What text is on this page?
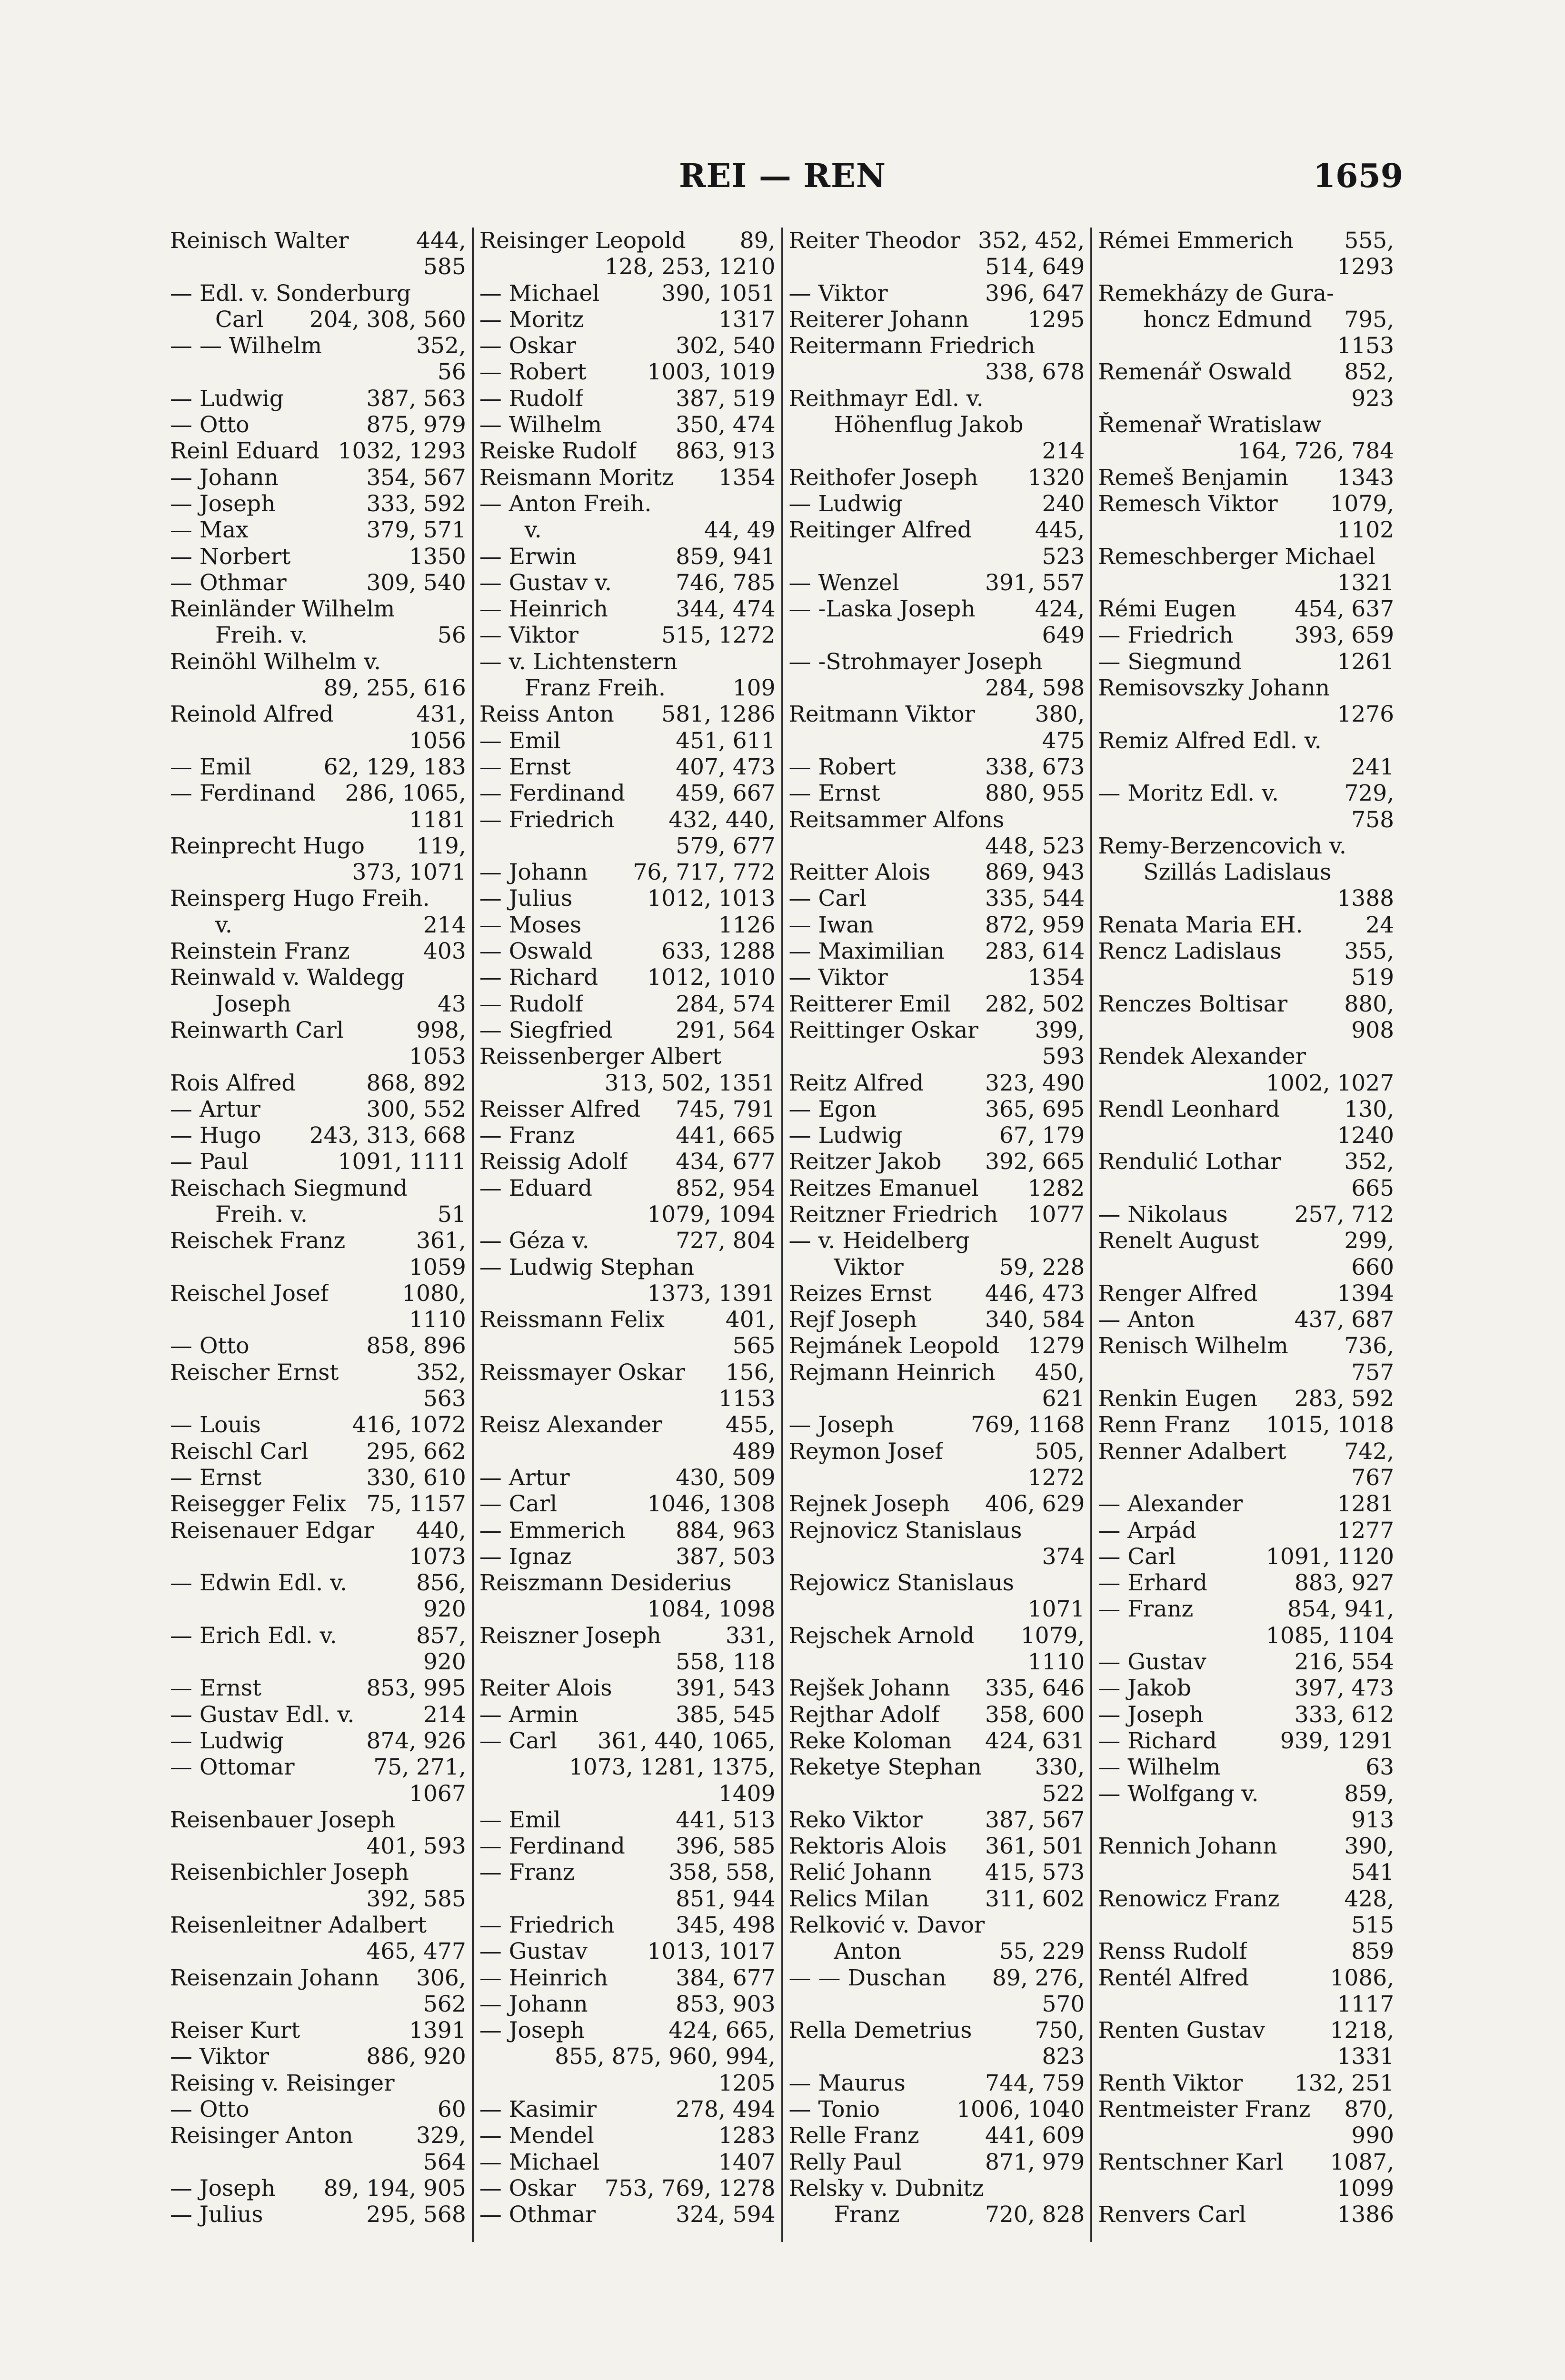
REI — REN	1659
Reinisch Walter	444,
585
— Edl. v. Sonderburg
Carl 204, 308, 560
— — Wilhelm	352,
56
— Ludwig	387, 563
— Otto	875, 979
Reinl Eduard 1032, 1293
— Johann	354, 567
— Joseph	333, 592
— Max	379, 571
— Norbert	1350
— Othmar	309, 540
Reinländer Wilhelm
Freih. v.	56
Reinöhl Wilhelm v.
89, 255, 616
Reinold Alfred	431,
1056
— Emil	62, 129, 183
— Ferdinand 286, 1065,
1181
Reinprecht Hugo 119,
373, 1071
Reinsperg Hugo Freih.
v.	214
Reinstein Franz	403
Reinwald v. Waldegg
Joseph	43
Reinwarth Carl	998,
1053
Rois Alfred	868, 892
— Artur	300, 552
— Hugo 243, 313, 668
— Paul	1091, 1111
Reischach Siegmund
Freih. v.	51
Reischek Franz	361,
1059
Reischel Josef	1080,
1110
— Otto	858, 896
Reischer Ernst	352,
563
— Louis	416, 1072
Reischl Carl	295, 662
— Ernst	330, 610
Reisegger Felix 75, 1157
Reisenauer Edgar 440,
1073
— Edwin Edl. v.	856,
920
— Erich Edl. v.	857,
920
— Ernst	853, 995
— Gustav Edl. v.	214
— Ludwig	874, 926
— Ottomar	75, 271,
1067
Reisenbauer Joseph
401, 593
Reisenbichler Joseph
392, 585
Reisenleitner Adalbert
465, 477
Reisenzain Johann 306,
562
Reiser Kurt	1391
— Viktor	886, 920
Reising v. Reisinger
— Otto	60
Reisinger Anton	329,
564
— Joseph 89, 194, 905
— Julius	295, 568
Reisinger Leopold 89,
128, 253, 1210
— Michael	390, 1051
— Moritz	1317
— Oskar	302, 540
— Robert	1003, 1019
— Rudolf	387, 519
— Wilhelm	350, 474
Reiske Rudolf 863, 913
Reismann Moritz 1354
— Anton Freih.
v.	44, 49
— Erwin	859, 941
— Gustav v.	746, 785
— Heinrich	344, 474
— Viktor	515, 1272
— v. Lichtenstern
Franz Freih.	109
Reiss Anton 581, 1286
— Emil	451, 611
— Ernst	407, 473
— Ferdinand 459, 667
— Friedrich 432, 440,
579, 677
— Johann 76, 717, 772
— Julius	1012, 1013
— Moses	1126
— Oswald	633, 1288
— Richard 1012, 1010
— Rudolf	284, 574
— Siegfried	291, 564
Reissenberger Albert
313, 502, 1351
Reisser Alfred 745, 791
— Franz	441, 665
Reissig Adolf 434, 677
— Eduard	852, 954
1079, 1094
— Géza v.	727, 804
— Ludwig Stephan
1373, 1391
Reissmann Felix	401,
565
Reissmayer Oskar 156,
1153
Reisz Alexander	455,
489
— Artur	430, 509
— Carl	1046, 1308
— Emmerich 884, 963
— Ignaz	387, 503
Reiszmann Desiderius
1084, 1098
Reiszner Joseph	331,
558, 118
Reiter Alois	391, 543
— Armin	385, 545
— Carl 361, 440, 1065,
1073, 1281, 1375,
1409
— Emil	441, 513
— Ferdinand 396, 585
— Franz	358, 558,
851, 944
— Friedrich	345, 498
— Gustav	1013, 1017
— Heinrich	384, 677
— Johann	853, 903
— Joseph	424, 665,
855, 875, 960, 994,
1205
— Kasimir	278, 494
— Mendel	1283
— Michael	1407
— Oskar 753, 769, 1278
— Othmar	324, 594
Reiter Theodor 352, 452,
514, 649
— Viktor	396, 647
Reiterer Johann	1295
Reitermann Friedrich
338, 678
Reithmayr Edl. v.
Höhenflug Jakob
214
Reithofer Joseph 1320
— Ludwig	240
Reitinger Alfred	445,
523
— Wenzel	391, 557
— -Laska Joseph	424,
649
— -Strohmayer Joseph
284, 598
Reitmann Viktor	380,
475
— Robert	338, 673
— Ernst	880, 955
Reitsammer Alfons
448, 523
Reitter Alois 869, 943
— Carl	335, 544
— Iwan	872, 959
— Maximilian 283, 614
— Viktor	1354
Reitterer Emil 282, 502
Reittinger Oskar	399,
593
Reitz Alfred	323, 490
— Egon	365, 695
— Ludwig	67, 179
Reitzer Jakob 392, 665
Reitzes Emanuel 1282
Reitzner Friedrich 1077
— v. Heidelberg
Viktor	59, 228
Reizes Ernst 446, 473
Rejf Joseph	340, 584
Rejmánek Leopold 1279
Rejmann Heinrich 450,
621
— Joseph	769, 1168
Reymon Josef	505,
1272
Rejnek Joseph 406, 629
Rejnovicz Stanislaus
374
Rejowicz Stanislaus
1071
Rejschek Arnold 1079,
1110
Rejšek Johann 335, 646
Rejthar Adolf 358, 600
Reke Koloman 424, 631
Reketye Stephan 330,
522
Reko Viktor	387, 567
Rektoris Alois 361, 501
Relić Johann 415, 573
Relics Milan 311, 602
Relković v. Davor
Anton	55, 229
— — Duschan 89, 276,
570
Rella Demetrius	750,
823
— Maurus	744, 759
— Tonio	1006, 1040
Relle Franz	441, 609
Relly Paul	871, 979
Relsky v. Dubnitz
Franz	720, 828
Rémei Emmerich 555,
1293
Remekházy de Gura-
honcz Edmund 795,
1153
Remenář Oswald 852,
923
Řemenař Wratislaw
164, 726, 784
Remeš Benjamin 1343
Remesch Viktor 1079,
1102
Remeschberger Michael
1321
Rémi Eugen	454, 637
— Friedrich	393, 659
— Siegmund	1261
Remisovszky Johann
1276
Remiz Alfred Edl. v.
241
— Moritz Edl. v.	729,
758
Remy-Berzencovich v.
Szillás Ladislaus
1388
Renata Maria EH.	24
Rencz Ladislaus	355,
519
Renczes Boltisar	880,
908
Rendek Alexander
1002, 1027
Rendl Leonhard	130,
1240
Rendulić Lothar	352,
665
— Nikolaus	257, 712
Renelt August	299,
660
Renger Alfred	1394
— Anton	437, 687
Renisch Wilhelm	736,
757
Renkin Eugen 283, 592
Renn Franz 1015, 1018
Renner Adalbert	742,
767
— Alexander	1281
— Arpád	1277
— Carl	1091, 1120
— Erhard	883, 927
— Franz	854, 941,
1085, 1104
— Gustav	216, 554
— Jakob	397, 473
— Joseph	333, 612
— Richard	939, 1291
— Wilhelm	63
— Wolfgang v.	859,
913
Rennich Johann	390,
541
Renowicz Franz	428,
515
Renss Rudolf	859
Rentél Alfred	1086,
1117
Renten Gustav	1218,
1331
Renth Viktor 132, 251
Rentmeister Franz 870,
990
Rentschner Karl 1087,
1099
Renvers Carl	1386
